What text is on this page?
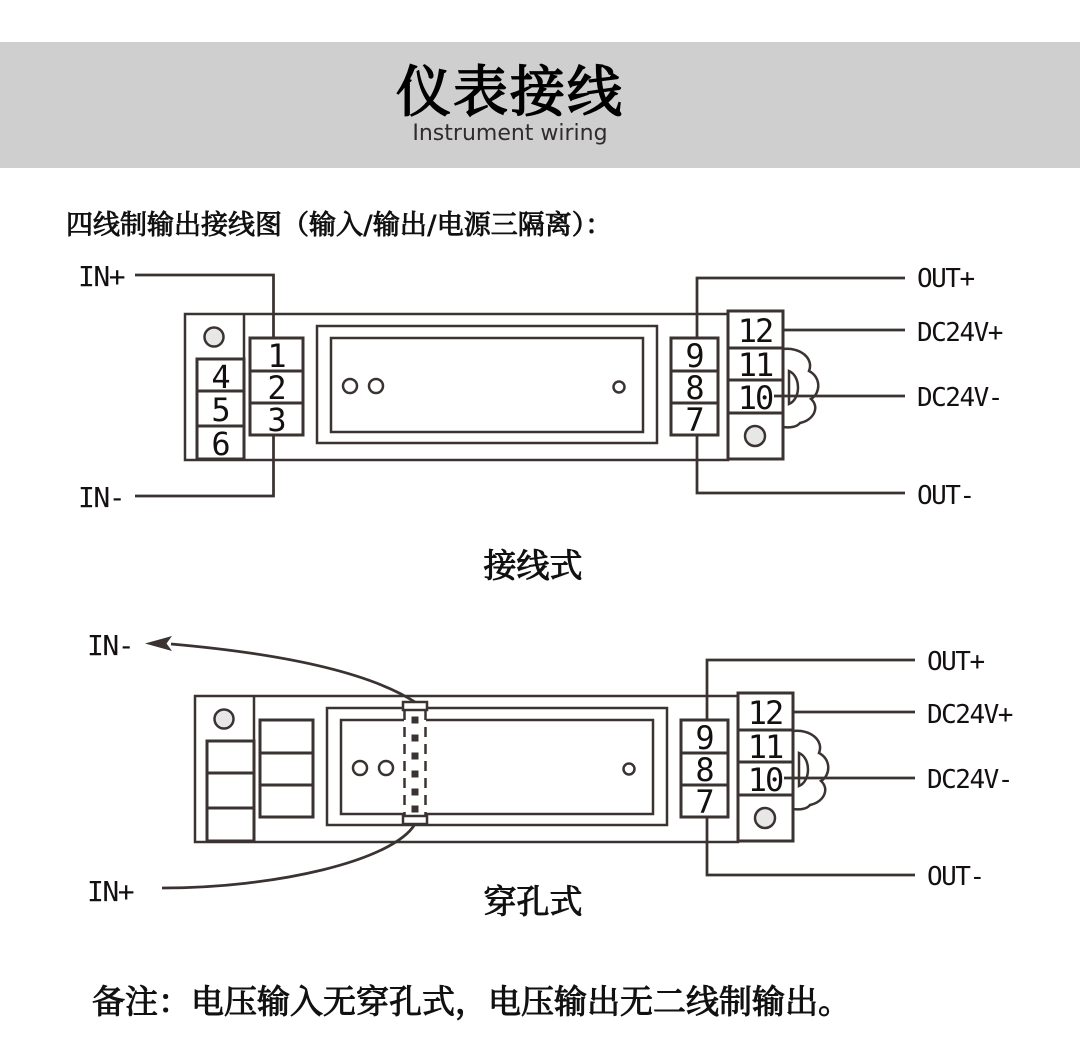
仪表接线
Instrument wiring
四线制输出接线图（输入/输出/电源三隔离）：
IN+
IN-
OUT+
DC24V+
DC24V-
OUT-
1
2
3
4
5
6
9
8
7
12
11
10
接线式
IN-
IN+
OUT+
DC24V+
DC24V-
OUT-
9
8
7
12
11
10
穿孔式
备注：电压输入无穿孔式，电压输出无二线制输出。
